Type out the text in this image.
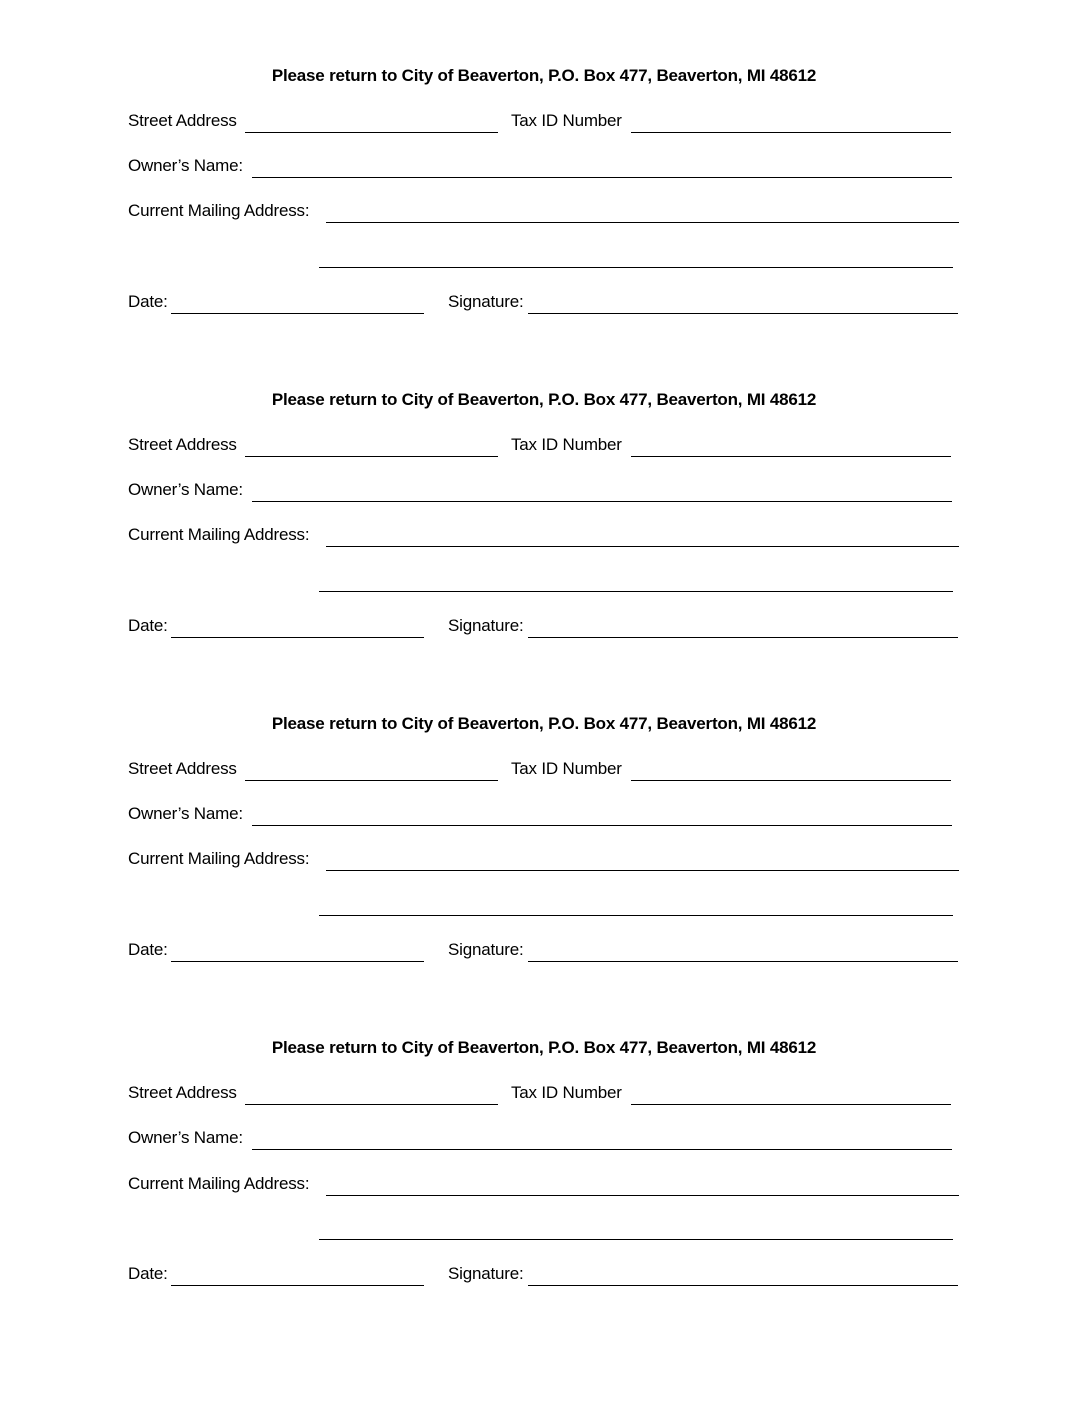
Please return to City of Beaverton, P.O. Box 477, Beaverton, MI 48612
Street Address	Tax ID Number
Owner’s Name:
Current Mailing Address:
Date:	Signature:
Please return to City of Beaverton, P.O. Box 477, Beaverton, MI 48612
Street Address	Tax ID Number
Owner’s Name:
Current Mailing Address:
Date:	Signature:
Please return to City of Beaverton, P.O. Box 477, Beaverton, MI 48612
Street Address	Tax ID Number
Owner’s Name:
Current Mailing Address:
Date:	Signature:
Please return to City of Beaverton, P.O. Box 477, Beaverton, MI 48612
Street Address	Tax ID Number
Owner’s Name:
Current Mailing Address:
Date:	Signature:
